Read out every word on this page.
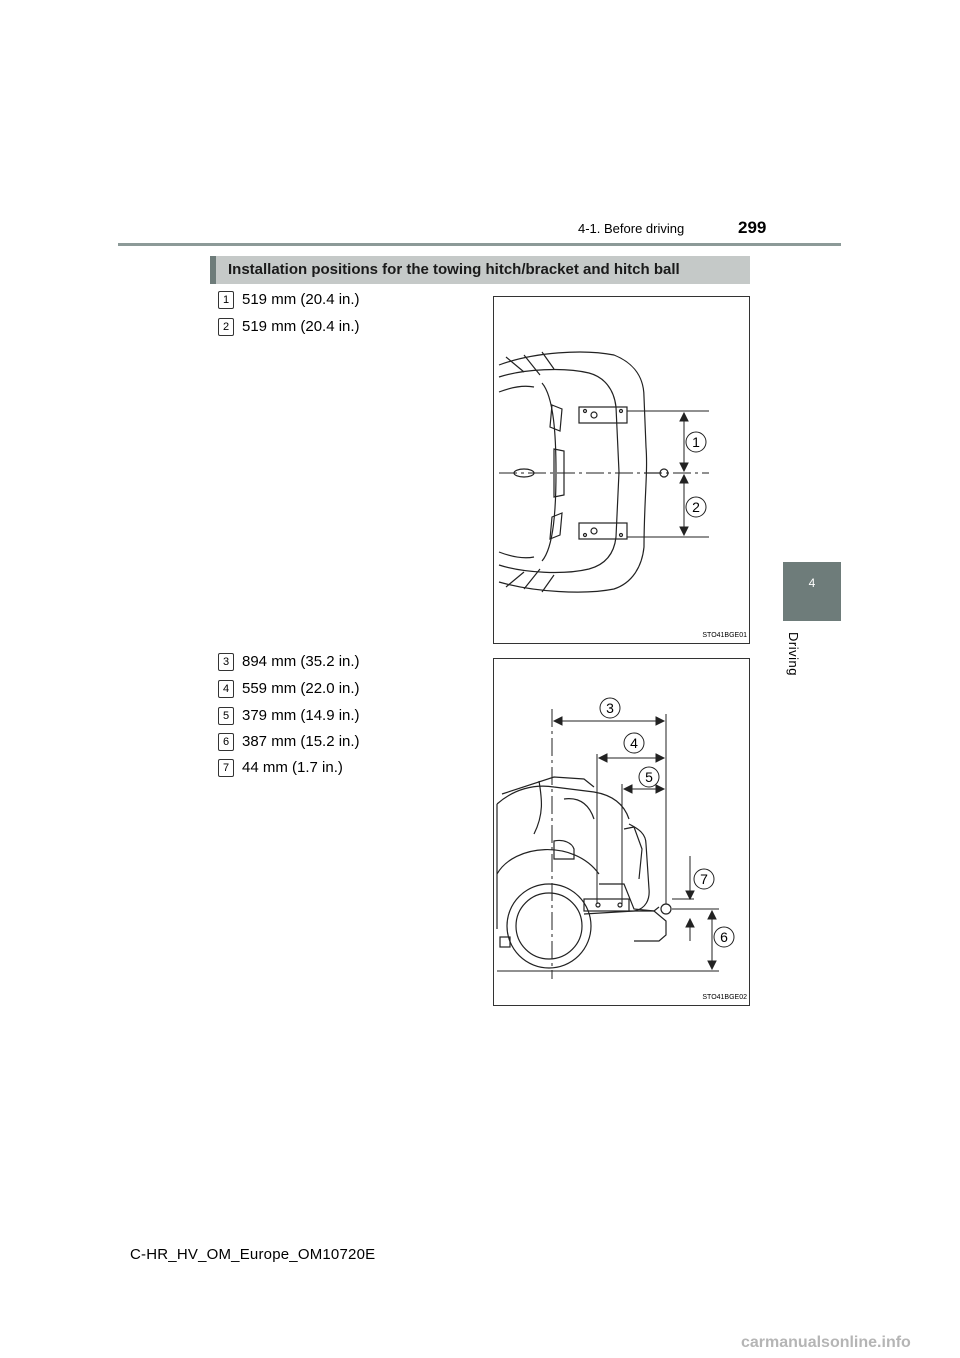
4-1. Before driving	299
4
Driving
Installation positions for the towing hitch/bracket and hitch ball
1 519 mm (20.4 in.)
2 519 mm (20.4 in.)
1
2
STO41BGE01
3 894 mm (35.2 in.)
4 559 mm (22.0 in.)
5 379 mm (14.9 in.)
6 387 mm (15.2 in.)
7 44 mm (1.7 in.)
3
4
5
7
6
STO41BGE02
C-HR_HV_OM_Europe_OM10720E
carmanualsonline.info
